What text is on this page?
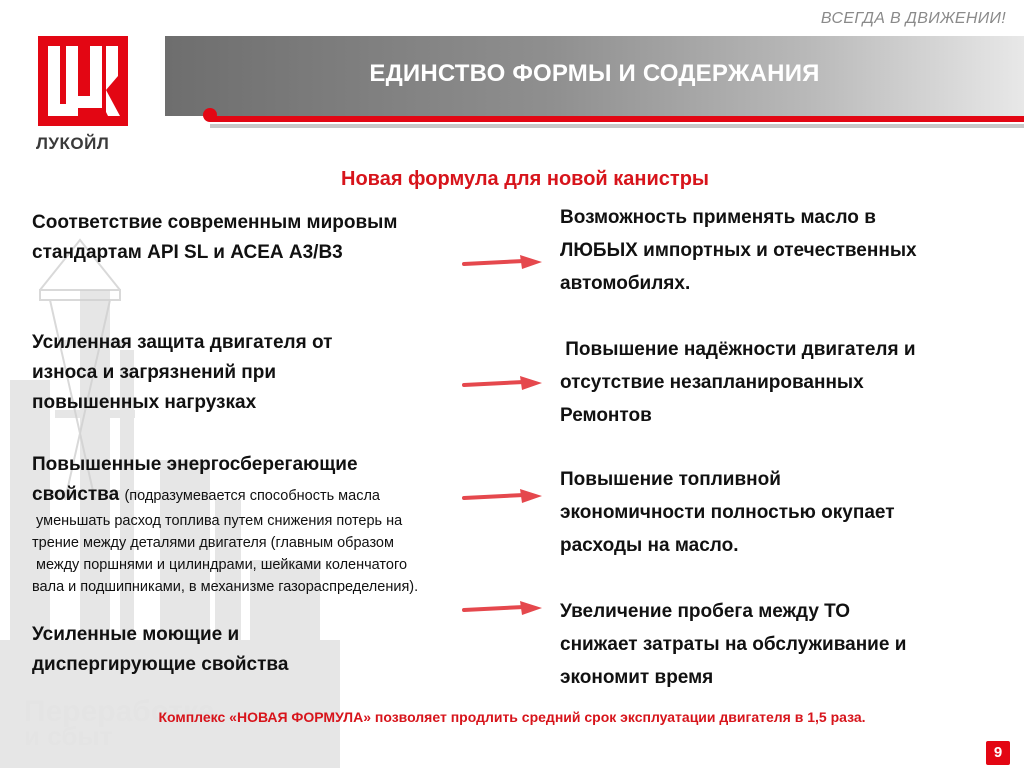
Переработка
и сбыт
ВСЕГДА В ДВИЖЕНИИ!
ЕДИНСТВО ФОРМЫ И СОДЕРЖАНИЯ
ЛУКОЙЛ
Новая формула для новой канистры
Соответствие современным мировым
стандартам API SL и АСЕА А3/В3
Усиленная защита двигателя от
износа и загрязнений при
повышенных нагрузках
Повышенные энергосберегающие
свойства (подразумевается способность масла
уменьшать расход топлива путем снижения потерь на
трение между деталями двигателя (главным образом
между поршнями и цилиндрами, шейками коленчатого
вала и подшипниками, в механизме газораспределения).
Усиленные моющие и
диспергирующие свойства
Возможность применять масло в
ЛЮБЫХ импортных и отечественных
автомобилях.
Повышение надёжности двигателя и
отсутствие незапланированных
Ремонтов
Повышение топливной
экономичности полностью окупает
расходы на масло.
Увеличение пробега между ТО
снижает затраты на обслуживание и
экономит время
Комплекс «НОВАЯ ФОРМУЛА» позволяет продлить средний срок эксплуатации двигателя в 1,5 раза.
9
